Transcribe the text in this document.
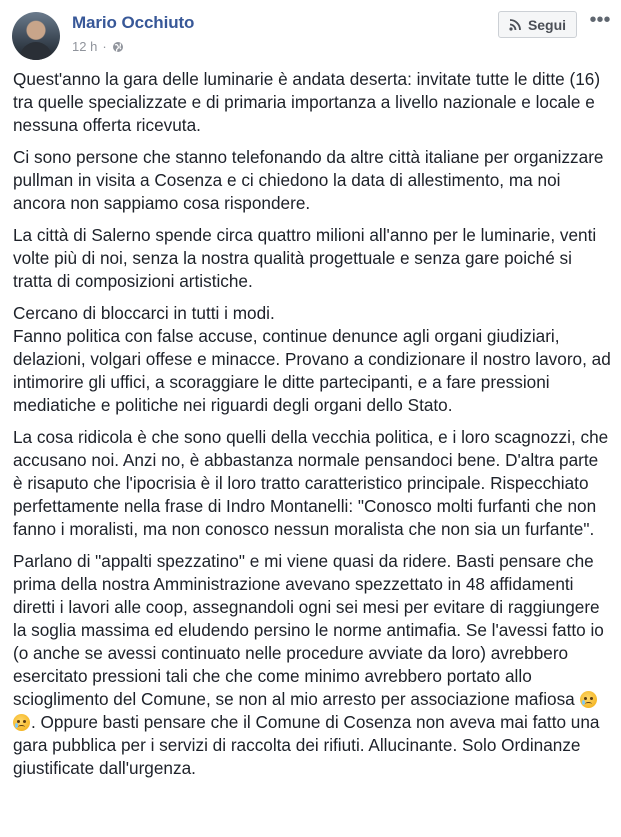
Mario Occhiuto
12 h ·
Segui •••

Quest'anno la gara delle luminarie è andata deserta: invitate tutte le ditte (16) tra quelle specializzate e di primaria importanza a livello nazionale e locale e nessuna offerta ricevuta.

Ci sono persone che stanno telefonando da altre città italiane per organizzare pullman in visita a Cosenza e ci chiedono la data di allestimento, ma noi ancora non sappiamo cosa rispondere.

La città di Salerno spende circa quattro milioni all'anno per le luminarie, venti volte più di noi, senza la nostra qualità progettuale e senza gare poiché si tratta di composizioni artistiche.

Cercano di bloccarci in tutti i modi.
Fanno politica con false accuse, continue denunce agli organi giudiziari, delazioni, volgari offese e minacce. Provano a condizionare il nostro lavoro, ad intimorire gli uffici, a scoraggiare le ditte partecipanti, e a fare pressioni mediatiche e politiche nei riguardi degli organi dello Stato.

La cosa ridicola è che sono quelli della vecchia politica, e i loro scagnozzi, che accusano noi. Anzi no, è abbastanza normale pensandoci bene. D'altra parte è risaputo che l'ipocrisia è il loro tratto caratteristico principale. Rispecchiato perfettamente nella frase di Indro Montanelli: "Conosco molti furfanti che non fanno i moralisti, ma non conosco nessun moralista che non sia un furfante".

Parlano di "appalti spezzatino" e mi viene quasi da ridere. Basti pensare che prima della nostra Amministrazione avevano spezzettato in 48 affidamenti diretti i lavori alle coop, assegnandoli ogni sei mesi per evitare di raggiungere la soglia massima ed eludendo persino le norme antimafia. Se l'avessi fatto io (o anche se avessi continuato nelle procedure avviate da loro) avrebbero esercitato pressioni tali che che come minimo avrebbero portato allo scioglimento del Comune, se non al mio arresto per associazione mafiosa
. Oppure basti pensare che il Comune di Cosenza non aveva mai fatto una gara pubblica per i servizi di raccolta dei rifiuti. Allucinante. Solo Ordinanze giustificate dall'urgenza.
